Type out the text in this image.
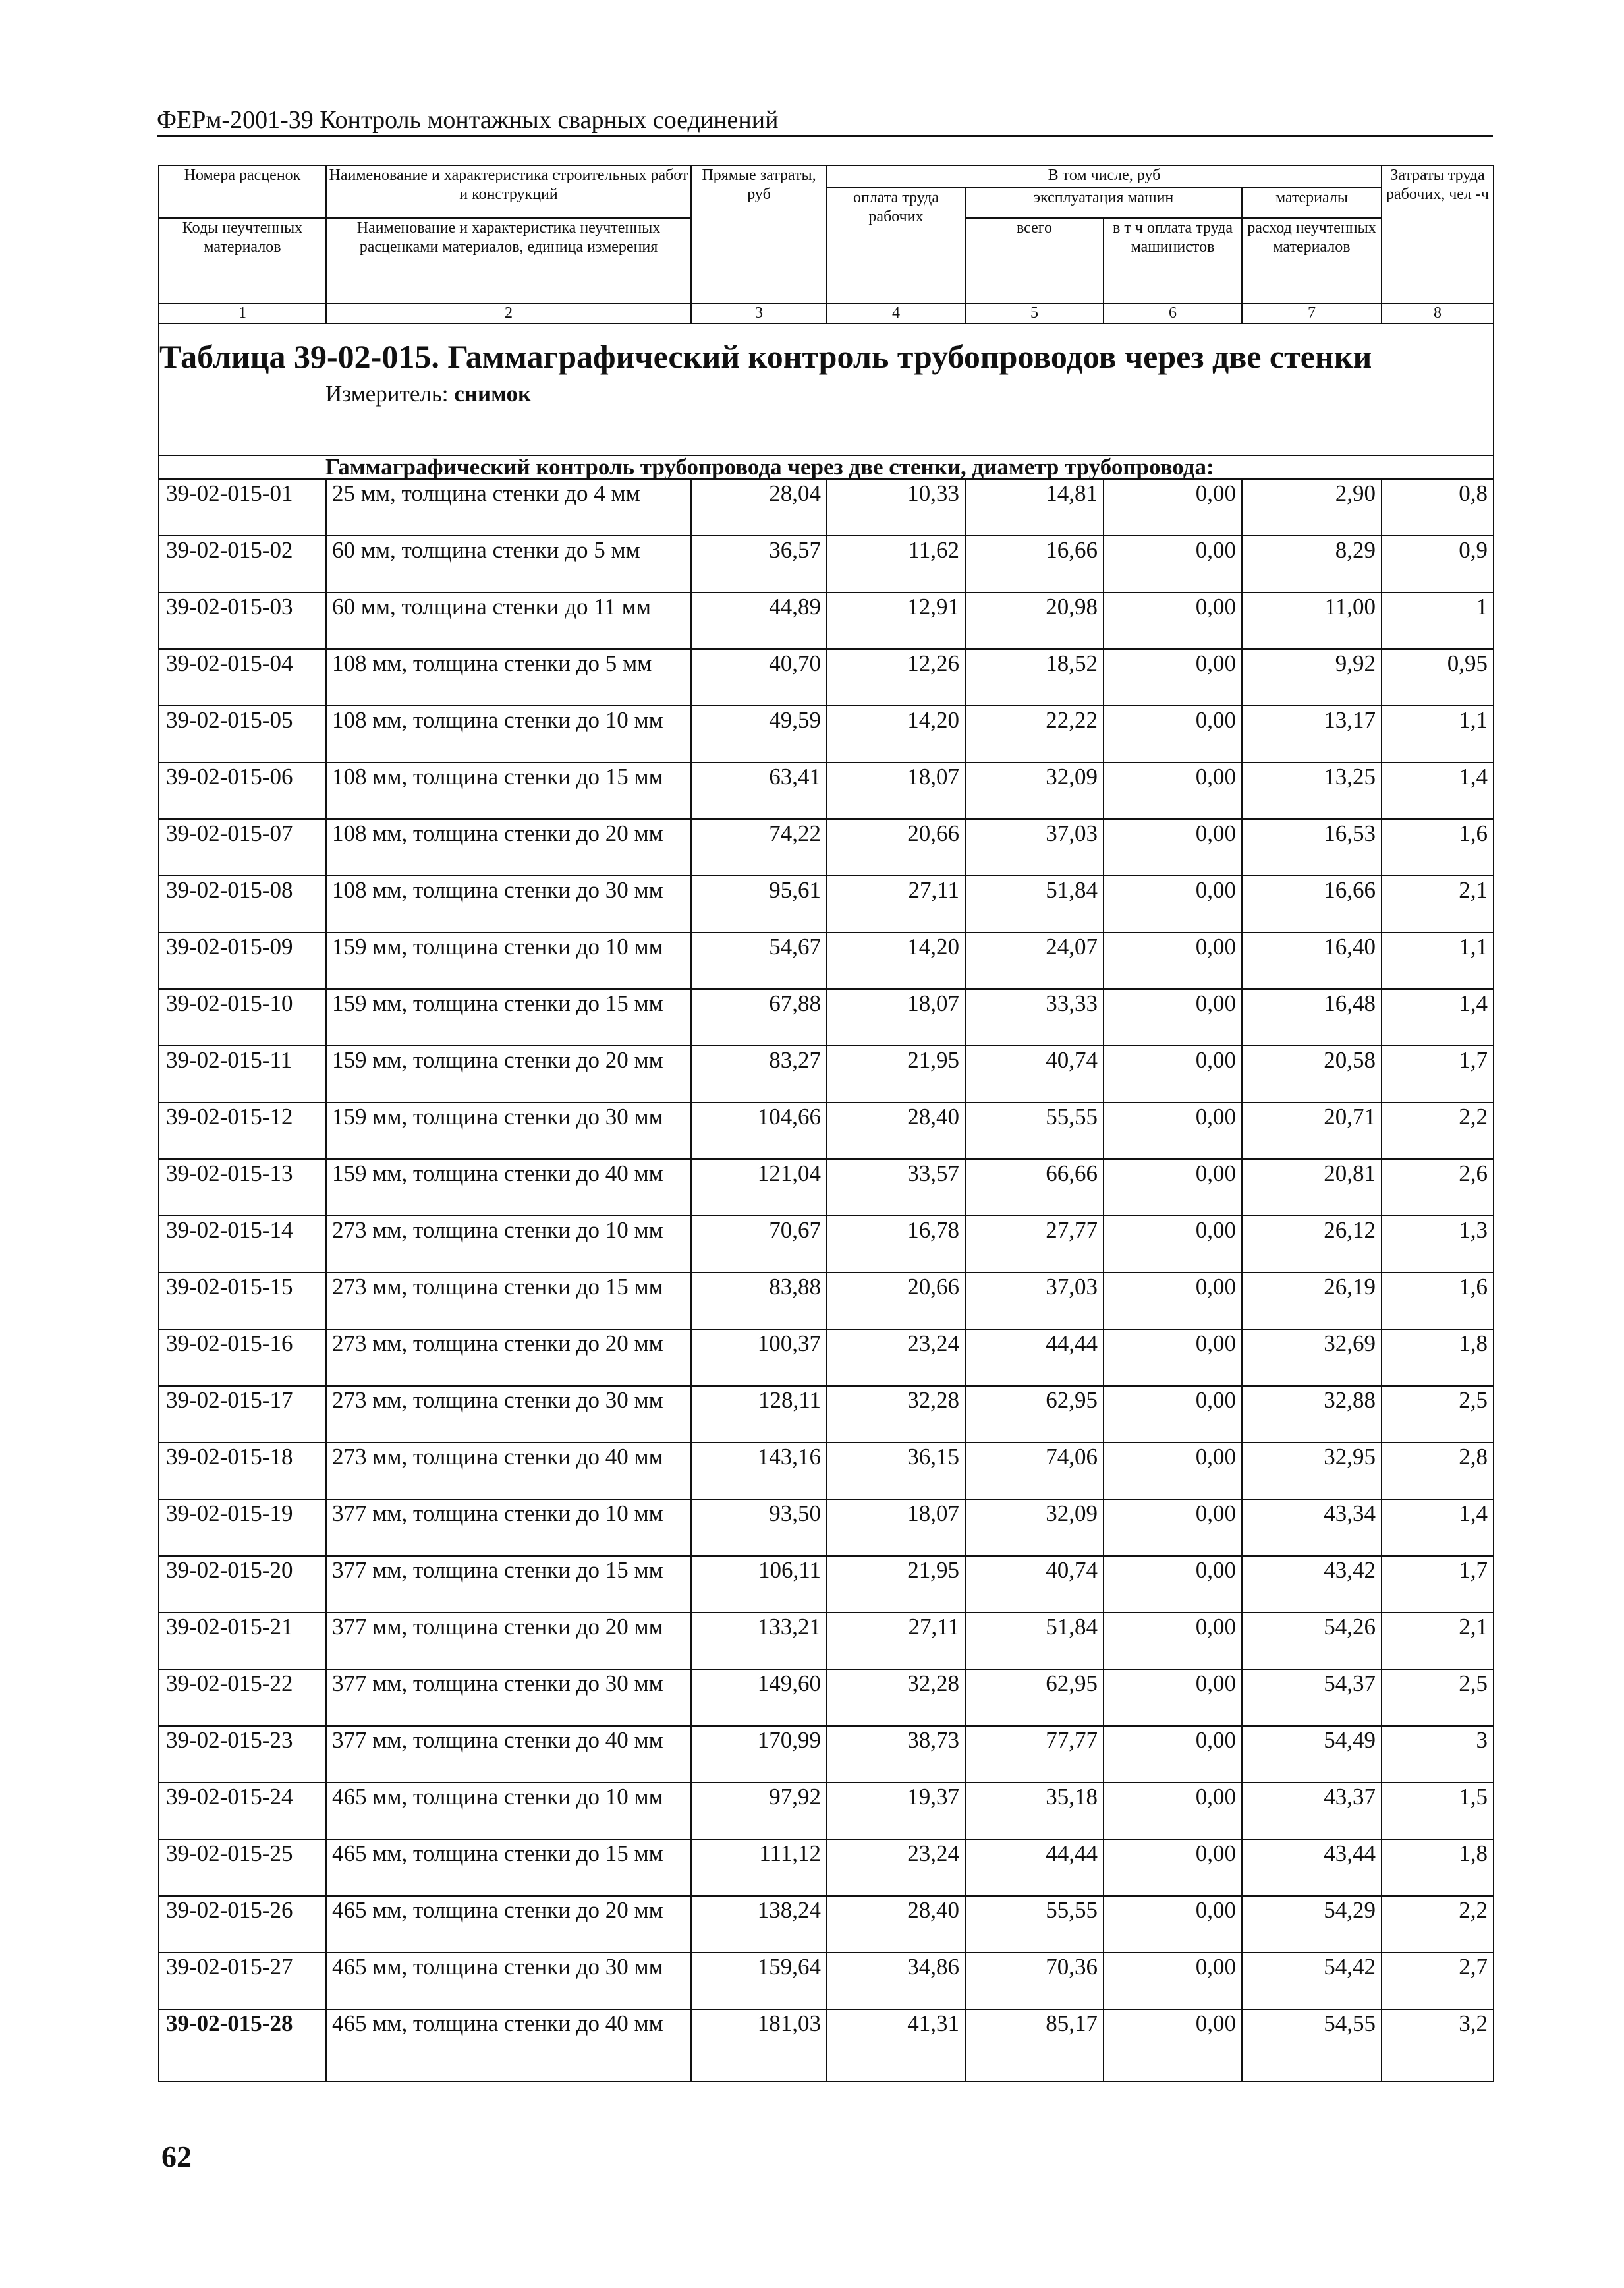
ФЕРм-2001-39 Контроль монтажных сварных соединений
Номера расценок	Наименование и характеристика строительных работ и конструкций	Прямые затраты, руб	В том числе, руб				Затраты труда рабочих, чел -ч
			оплата труда рабочих	эксплуатация машин		материалы	
Коды неучтенных материалов	Наименование и характеристика неучтенных расценками материалов, единица измерения			всего	в т ч оплата труда машинистов	расход неучтенных материалов	

1	2	3	4	5	6	7	8

Таблица 39-02-015. Гаммаграфический контроль трубопроводов через две стенки
Измеритель: снимок							

Гаммаграфический контроль трубопровода через две стенки, диаметр трубопровода:							

39-02-015-01	25 мм, толщина стенки до 4 мм	28,04	10,33	14,81	0,00	2,90	0,8
39-02-015-02	60 мм, толщина стенки до 5 мм	36,57	11,62	16,66	0,00	8,29	0,9
39-02-015-03	60 мм, толщина стенки до 11 мм	44,89	12,91	20,98	0,00	11,00	1
39-02-015-04	108 мм, толщина стенки до 5 мм	40,70	12,26	18,52	0,00	9,92	0,95
39-02-015-05	108 мм, толщина стенки до 10 мм	49,59	14,20	22,22	0,00	13,17	1,1
39-02-015-06	108 мм, толщина стенки до 15 мм	63,41	18,07	32,09	0,00	13,25	1,4
39-02-015-07	108 мм, толщина стенки до 20 мм	74,22	20,66	37,03	0,00	16,53	1,6
39-02-015-08	108 мм, толщина стенки до 30 мм	95,61	27,11	51,84	0,00	16,66	2,1
39-02-015-09	159 мм, толщина стенки до 10 мм	54,67	14,20	24,07	0,00	16,40	1,1
39-02-015-10	159 мм, толщина стенки до 15 мм	67,88	18,07	33,33	0,00	16,48	1,4
39-02-015-11	159 мм, толщина стенки до 20 мм	83,27	21,95	40,74	0,00	20,58	1,7
39-02-015-12	159 мм, толщина стенки до 30 мм	104,66	28,40	55,55	0,00	20,71	2,2
39-02-015-13	159 мм, толщина стенки до 40 мм	121,04	33,57	66,66	0,00	20,81	2,6
39-02-015-14	273 мм, толщина стенки до 10 мм	70,67	16,78	27,77	0,00	26,12	1,3
39-02-015-15	273 мм, толщина стенки до 15 мм	83,88	20,66	37,03	0,00	26,19	1,6
39-02-015-16	273 мм, толщина стенки до 20 мм	100,37	23,24	44,44	0,00	32,69	1,8
39-02-015-17	273 мм, толщина стенки до 30 мм	128,11	32,28	62,95	0,00	32,88	2,5
39-02-015-18	273 мм, толщина стенки до 40 мм	143,16	36,15	74,06	0,00	32,95	2,8
39-02-015-19	377 мм, толщина стенки до 10 мм	93,50	18,07	32,09	0,00	43,34	1,4
39-02-015-20	377 мм, толщина стенки до 15 мм	106,11	21,95	40,74	0,00	43,42	1,7
39-02-015-21	377 мм, толщина стенки до 20 мм	133,21	27,11	51,84	0,00	54,26	2,1
39-02-015-22	377 мм, толщина стенки до 30 мм	149,60	32,28	62,95	0,00	54,37	2,5
39-02-015-23	377 мм, толщина стенки до 40 мм	170,99	38,73	77,77	0,00	54,49	3
39-02-015-24	465 мм, толщина стенки до 10 мм	97,92	19,37	35,18	0,00	43,37	1,5
39-02-015-25	465 мм, толщина стенки до 15 мм	111,12	23,24	44,44	0,00	43,44	1,8
39-02-015-26	465 мм, толщина стенки до 20 мм	138,24	28,40	55,55	0,00	54,29	2,2
39-02-015-27	465 мм, толщина стенки до 30 мм	159,64	34,86	70,36	0,00	54,42	2,7
39-02-015-28	465 мм, толщина стенки до 40 мм	181,03	41,31	85,17	0,00	54,55	3,2
62
